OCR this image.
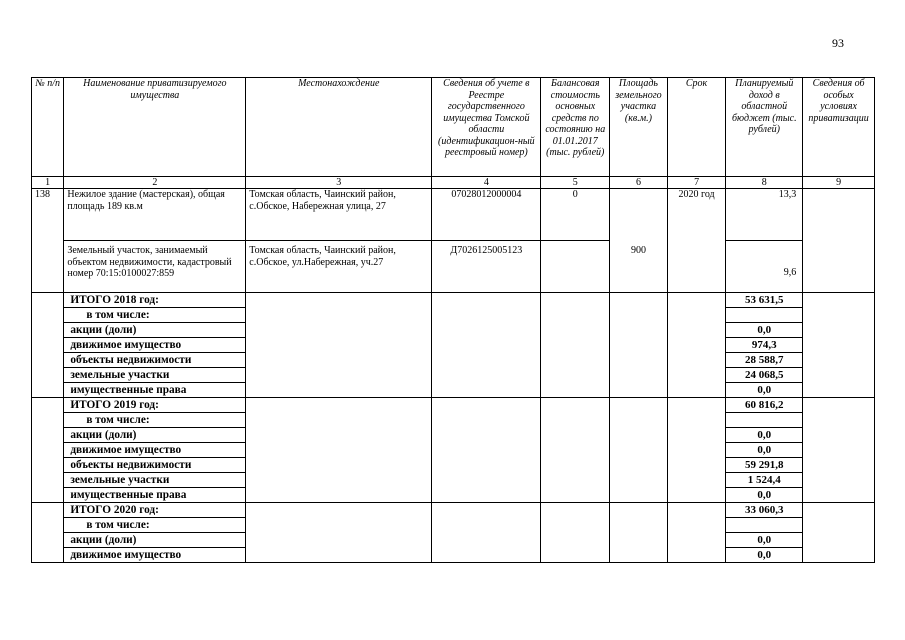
93
№ п/п	Наименование приватизируемого имущества	Местонахождение	Сведения об учете в Реестре государственного имущества Томской области (идентификацион-ный реестровый номер)	Балансовая стоимость основных средств по состоянию на 01.01.2017 (тыс. рублей)	Площадь земельного участка (кв.м.)	Срок	Планируемый доход в областной бюджет (тыс. рублей)	Сведения об особых условиях приватизации
1	2	3	4	5	6	7	8	9
138	Нежилое здание (мастерская), общая площадь 189 кв.м	Томская область, Чаинский район, с.Обское, Набережная улица, 27	07028012000004	0	900	2020 год	13,3	
	Земельный участок, занимаемый объектом недвижимости, кадастровый номер 70:15:0100027:859	Томская область, Чаинский район, с.Обское, ул.Набережная, уч.27	Д7026125005123				9,6	
	ИТОГО 2018 год:						53 631,5	
	в том числе:							
	акции (доли)						0,0	
	движимое имущество						974,3	
	объекты недвижимости						28 588,7	
	земельные участки						24 068,5	
	имущественные права						0,0	
	ИТОГО 2019 год:						60 816,2	
	в том числе:							
	акции (доли)						0,0	
	движимое имущество						0,0	
	объекты недвижимости						59 291,8	
	земельные участки						1 524,4	
	имущественные права						0,0	
	ИТОГО 2020 год:						33 060,3	
	в том числе:							
	акции (доли)						0,0	
	движимое имущество						0,0	
